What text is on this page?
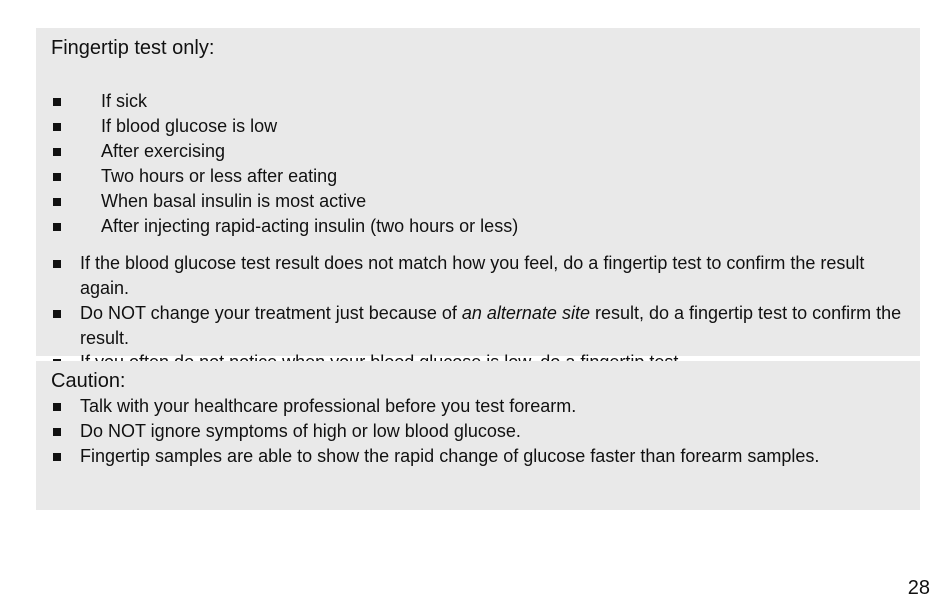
Fingertip test only:
If sick
If blood glucose is low
After exercising
Two hours or less after eating
When basal insulin is most active
After injecting rapid-acting insulin (two hours or less)
If the blood glucose test result does not match how you feel, do a fingertip test to confirm the result again.
Do NOT change your treatment just because of an alternate site result, do a fingertip test to confirm the result.
Caution:
Talk with your healthcare professional before you test forearm.
Do NOT ignore symptoms of high or low blood glucose.
Fingertip samples are able to show the rapid change of glucose faster than forearm samples.
28
